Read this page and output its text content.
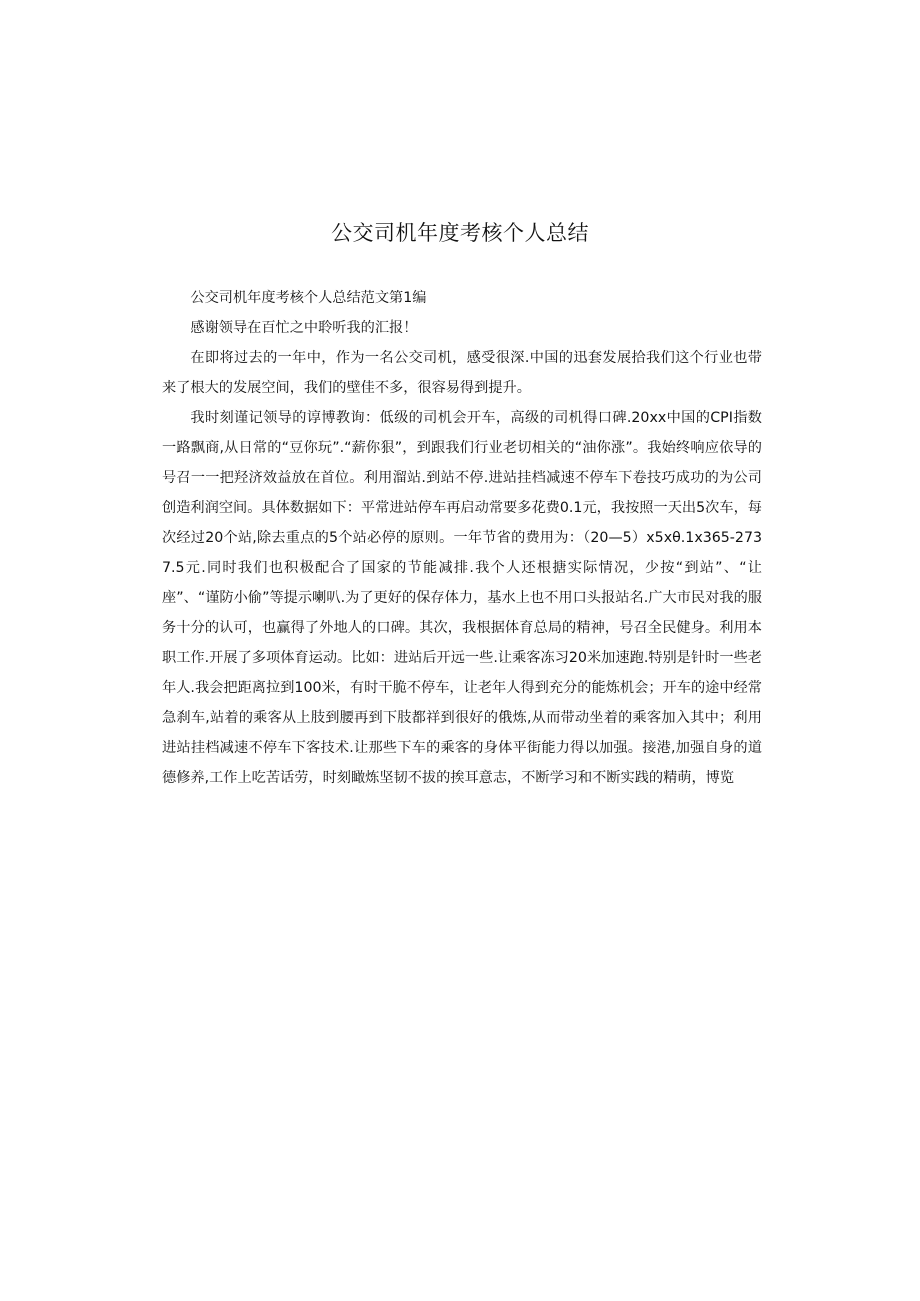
公交司机年度考核个人总结

公交司机年度考核个人总结范文第1编

感谢领导在百忙之中聆听我的汇报！

在即将过去的一年中，作为一名公交司机，感受很深.中国的迅套发展拾我们这个行业也带来了根大的发展空间，我们的壁佳不多，很容易得到提升。

我时刻谨记领导的谆博教询：低级的司机会开车，高级的司机得口碑.20xx中国的CPI指数一路飘商,从日常的“豆你玩”.“薪你狠”，到跟我们行业老切相关的“油你涨”。我始终响应依导的号召一一把羟济效益放在首位。利用溜站.到站不停.进站挂档减速不停车下卷技巧成功的为公司创造利润空间。具体数据如下：平常进站停车再启动常要多花费0.1元，我按照一天出5次车，每次经过20个站,除去重点的5个站必停的原则。一年节省的费用为：（20—5）x5xθ.1x365-2737.5元.同时我们也积极配合了国家的节能减排.我个人还根搪实际情况，少按“到站”、“让座”、“谨防小偷”等提示喇叭.为了更好的保存体力，基水上也不用口头报站名.广大市民对我的服务十分的认可，也赢得了外地人的口碑。其次，我根据体育总局的精神，号召全民健身。利用本职工作.开展了多项体育运动。比如：进站后开远一些.让乘客冻习20米加速跑.特别是针时一些老年人.我会把距离拉到100米，有时干脆不停车，让老年人得到充分的能炼机会；开车的途中经常急刹车,站着的乘客从上肢到腰再到下肢都祥到很好的俄炼,从而带动坐着的乘客加入其中；利用进站挂档减速不停车下客技术.让那些下车的乘客的身体平街能力得以加强。接港,加强自身的道德修养,工作上吃苦话劳，时刻瞰炼坚韧不拔的挨耳意志，不断学习和不断实践的精萌，博览
